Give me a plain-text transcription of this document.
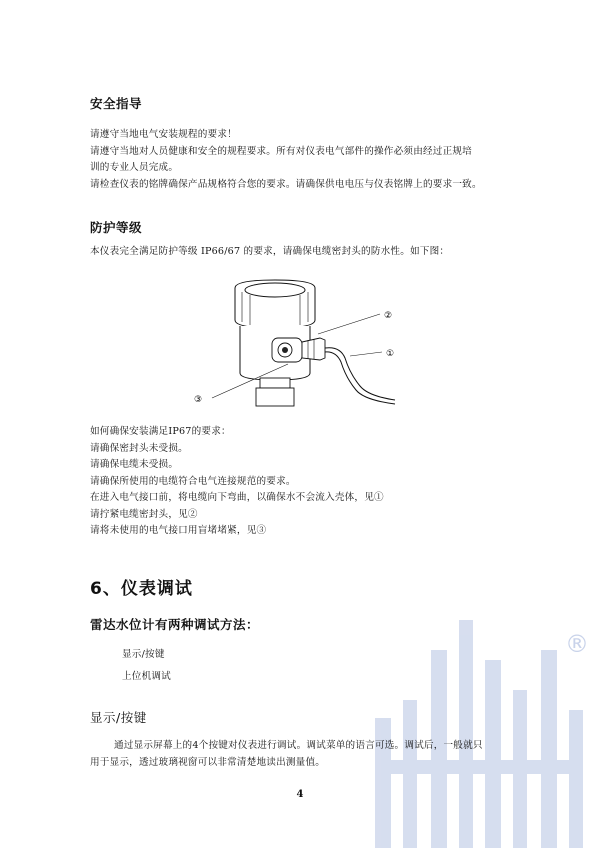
安全指导
请遵守当地电气安装规程的要求！
请遵守当地对人员健康和安全的规程要求。所有对仪表电气部件的操作必须由经过正规培
训的专业人员完成。
请检查仪表的铭牌确保产品规格符合您的要求。请确保供电电压与仪表铭牌上的要求一致。
防护等级
本仪表完全满足防护等级 IP66/67 的要求，请确保电缆密封头的防水性。如下图：
②
①
③
如何确保安装满足IP67的要求：
请确保密封头未受损。
请确保电缆未受损。
请确保所使用的电缆符合电气连接规范的要求。
在进入电气接口前，将电缆向下弯曲，以确保水不会流入壳体，见①
请拧紧电缆密封头，见②
请将未使用的电气接口用盲堵堵紧，见③
®
6、仪表调试
雷达水位计有两种调试方法：
显示/按键
上位机调试
显示/按键
通过显示屏幕上的4个按键对仪表进行调试。调试菜单的语言可选。调试后，一般就只
用于显示，透过玻璃视窗可以非常清楚地读出测量值。
4
